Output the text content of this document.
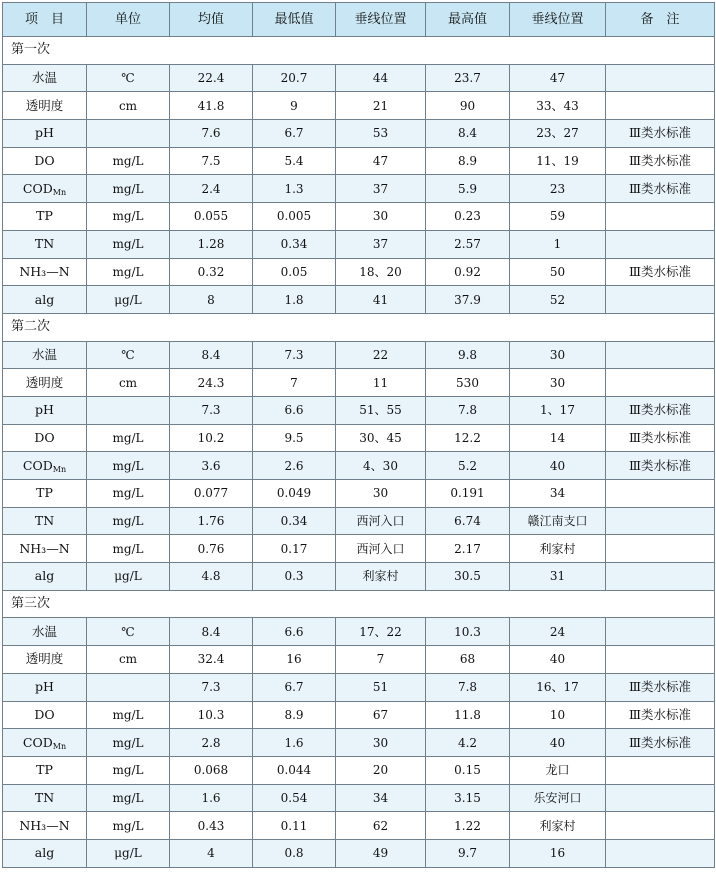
项　目	单位	均值	最低值	垂线位置	最高值	垂线位置	备　注
第一次							
水温	℃	22.4	20.7	44	23.7	47	
透明度	cm	41.8	9	21	90	33、43	
pH		7.6	6.7	53	8.4	23、27	Ⅲ类水标准
DO	mg/L	7.5	5.4	47	8.9	11、19	Ⅲ类水标准
$COD_{Mn}$	mg/L	2.4	1.3	37	5.9	23	Ⅲ类水标准
TP	mg/L	0.055	0.005	30	0.23	59	
TN	mg/L	1.28	0.34	37	2.57	1	
NH₃—N	mg/L	0.32	0.05	18、20	0.92	50	Ⅲ类水标准
alg	μg/L	8	1.8	41	37.9	52	
第二次							
水温	℃	8.4	7.3	22	9.8	30	
透明度	cm	24.3	7	11	530	30	
pH		7.3	6.6	51、55	7.8	1、17	Ⅲ类水标准
DO	mg/L	10.2	9.5	30、45	12.2	14	Ⅲ类水标准
$COD_{Mn}$	mg/L	3.6	2.6	4、30	5.2	40	Ⅲ类水标准
TP	mg/L	0.077	0.049	30	0.191	34	
TN	mg/L	1.76	0.34	西河入口	6.74	赣江南支口	
NH₃—N	mg/L	0.76	0.17	西河入口	2.17	利家村	
alg	μg/L	4.8	0.3	利家村	30.5	31	
第三次							
水温	℃	8.4	6.6	17、22	10.3	24	
透明度	cm	32.4	16	7	68	40	
pH		7.3	6.7	51	7.8	16、17	Ⅲ类水标准
DO	mg/L	10.3	8.9	67	11.8	10	Ⅲ类水标准
$COD_{Mn}$	mg/L	2.8	1.6	30	4.2	40	Ⅲ类水标准
TP	mg/L	0.068	0.044	20	0.15	龙口	
TN	mg/L	1.6	0.54	34	3.15	乐安河口	
NH₃—N	mg/L	0.43	0.11	62	1.22	利家村	
alg	μg/L	4	0.8	49	9.7	16	
